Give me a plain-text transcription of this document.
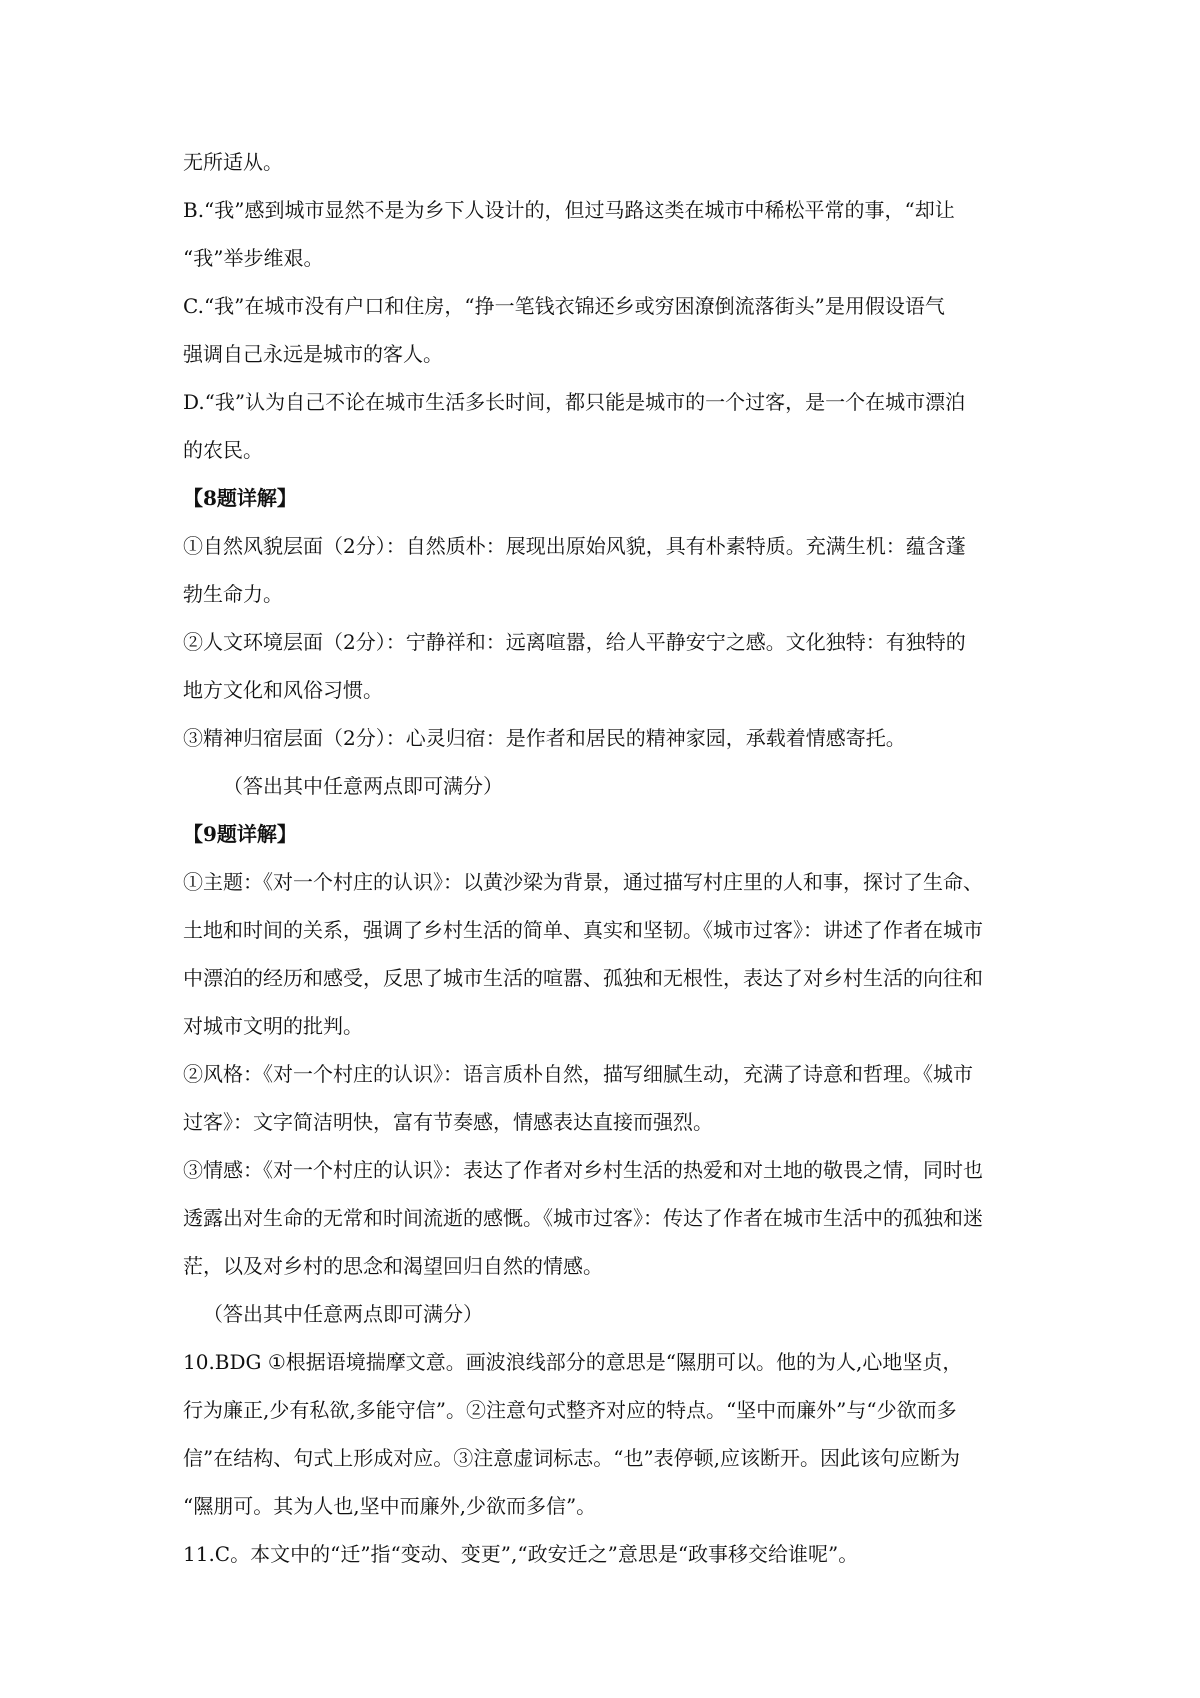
无所适从。
B.“我”感到城市显然不是为乡下人设计的，但过马路这类在城市中稀松平常的事，“却让
“我”举步维艰。
C.“我”在城市没有户口和住房，“挣一笔钱衣锦还乡或穷困潦倒流落街头”是用假设语气
强调自己永远是城市的客人。
D.“我”认为自己不论在城市生活多长时间，都只能是城市的一个过客，是一个在城市漂泊
的农民。
【8题详解】
①自然风貌层面（2分）：自然质朴：展现出原始风貌，具有朴素特质。充满生机：蕴含蓬
勃生命力。
②人文环境层面（2分）：宁静祥和：远离喧嚣，给人平静安宁之感。文化独特：有独特的
地方文化和风俗习惯。
③精神归宿层面（2分）：心灵归宿：是作者和居民的精神家园，承载着情感寄托。
（答出其中任意两点即可满分）
【9题详解】
①主题：《对一个村庄的认识》：以黄沙梁为背景，通过描写村庄里的人和事，探讨了生命、
土地和时间的关系，强调了乡村生活的简单、真实和坚韧。《城市过客》：讲述了作者在城市
中漂泊的经历和感受，反思了城市生活的喧嚣、孤独和无根性，表达了对乡村生活的向往和
对城市文明的批判。
②风格：《对一个村庄的认识》：语言质朴自然，描写细腻生动，充满了诗意和哲理。《城市
过客》：文字简洁明快，富有节奏感，情感表达直接而强烈。
③情感：《对一个村庄的认识》：表达了作者对乡村生活的热爱和对土地的敬畏之情，同时也
透露出对生命的无常和时间流逝的感慨。《城市过客》：传达了作者在城市生活中的孤独和迷
茫，以及对乡村的思念和渴望回归自然的情感。
（答出其中任意两点即可满分）
10.BDG ①根据语境揣摩文意。画波浪线部分的意思是“隰朋可以。他的为人,心地坚贞，
行为廉正,少有私欲,多能守信”。②注意句式整齐对应的特点。“坚中而廉外”与“少欲而多
信”在结构、句式上形成对应。③注意虚词标志。“也”表停顿,应该断开。因此该句应断为
“隰朋可。其为人也,坚中而廉外,少欲而多信”。
11.C。本文中的“迁”指“变动、变更”,“政安迁之”意思是“政事移交给谁呢”。
